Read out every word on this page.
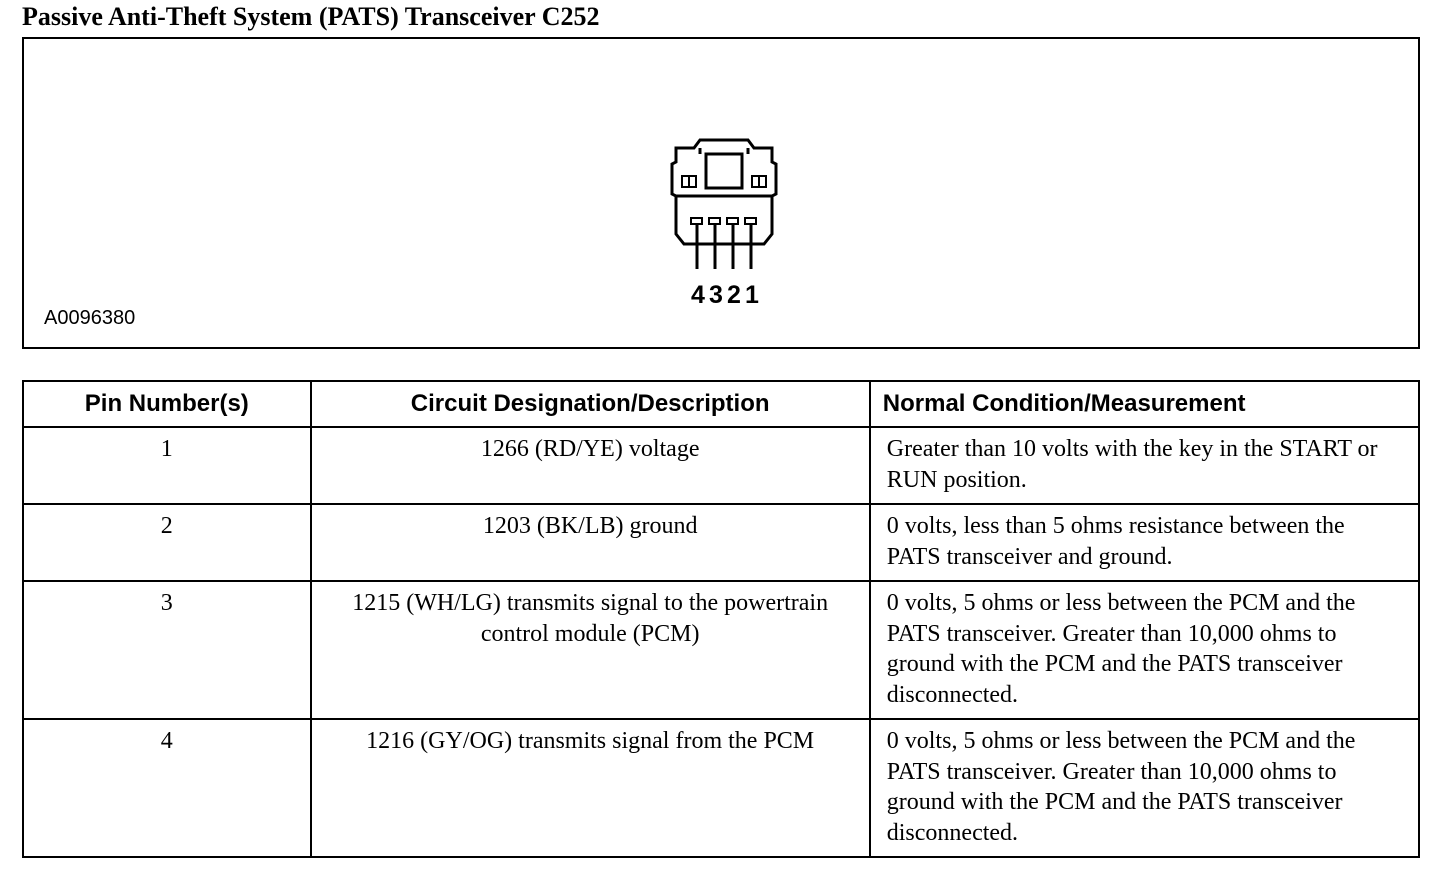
Passive Anti-Theft System (PATS) Transceiver C252
4 3 2 1
A0096380
Pin Number(s)	Circuit Designation/Description	Normal Condition/Measurement
1	1266 (RD/YE) voltage	Greater than 10 volts with the key in the START or RUN position.
2	1203 (BK/LB) ground	0 volts, less than 5 ohms resistance between the PATS transceiver and ground.
3	1215 (WH/LG) transmits signal to the powertrain control module (PCM)	0 volts, 5 ohms or less between the PCM and the PATS transceiver. Greater than 10,000 ohms to ground with the PCM and the PATS transceiver disconnected.
4	1216 (GY/OG) transmits signal from the PCM	0 volts, 5 ohms or less between the PCM and the PATS transceiver. Greater than 10,000 ohms to ground with the PCM and the PATS transceiver disconnected.
